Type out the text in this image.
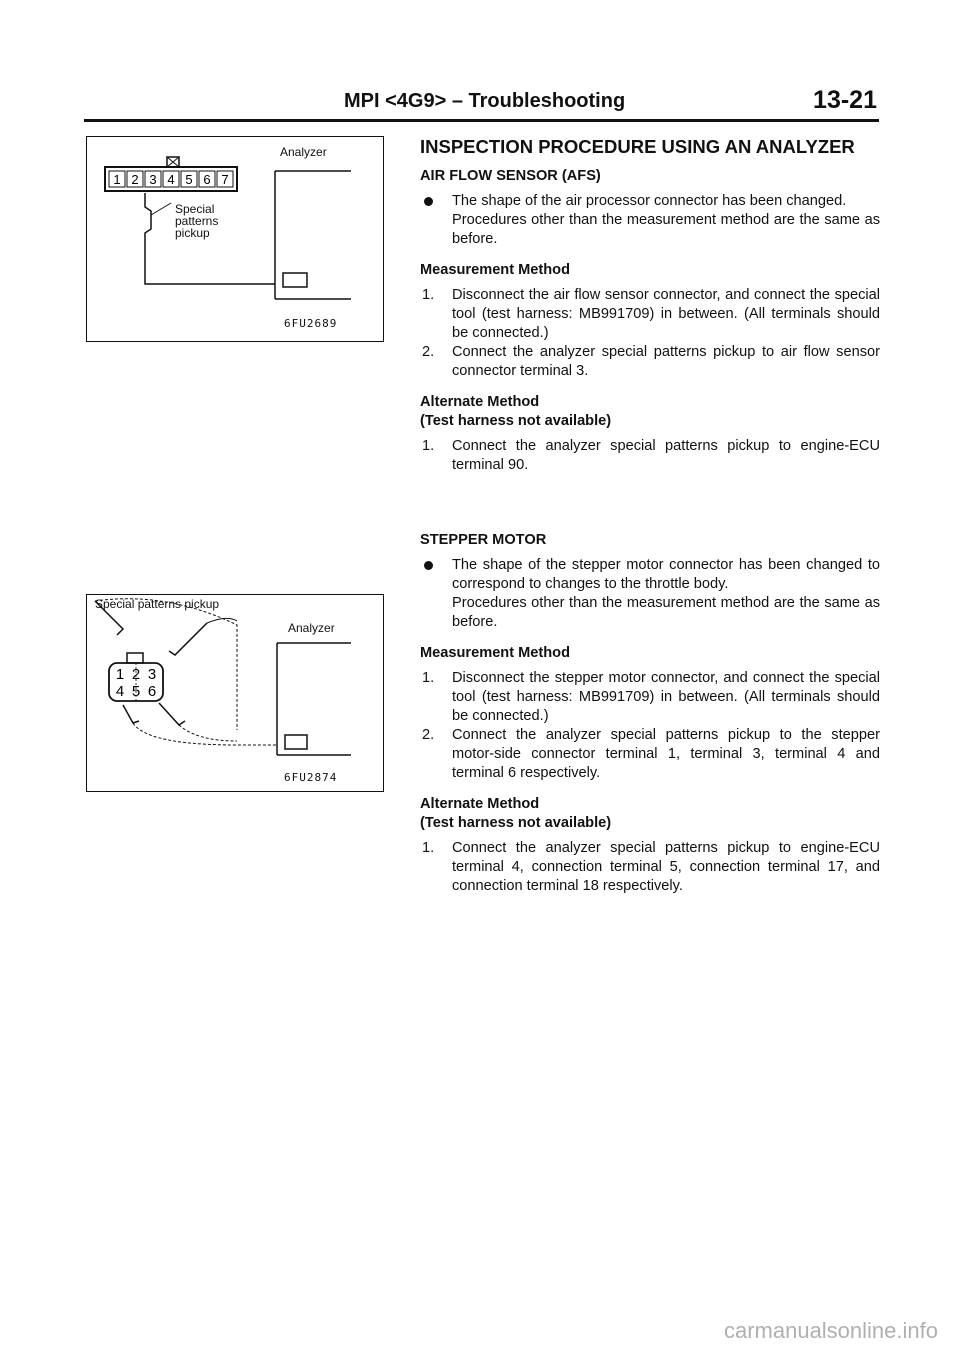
MPI <4G9> – Troubleshooting	13-21
1 2 3 4 5 6 7
Analyzer
Special
patterns
pickup
6FU2689
1 2 3
4 5 6
Special patterns pickup
Analyzer
6FU2874
INSPECTION PROCEDURE USING AN ANALYZER

AIR FLOW SENSOR (AFS)

The shape of the air processor connector has been changed.
Procedures other than the measurement method are the same as before.

Measurement Method

1. Disconnect the air flow sensor connector, and connect the special tool (test harness: MB991709) in between. (All terminals should be connected.)
2. Connect the analyzer special patterns pickup to air flow sensor connector terminal 3.

Alternate Method

(Test harness not available)

1. Connect the analyzer special patterns pickup to engine-ECU terminal 90.

STEPPER MOTOR

The shape of the stepper motor connector has been changed to correspond to changes to the throttle body.
Procedures other than the measurement method are the same as before.

Measurement Method

1. Disconnect the stepper motor connector, and connect the special tool (test harness: MB991709) in between. (All terminals should be connected.)
2. Connect the analyzer special patterns pickup to the stepper motor-side connector terminal 1, terminal 3, terminal 4 and terminal 6 respectively.

Alternate Method

(Test harness not available)

1. Connect the analyzer special patterns pickup to engine-ECU terminal 4, connection terminal 5, connection terminal 17, and connection terminal 18 respectively.
carmanualsonline.info
